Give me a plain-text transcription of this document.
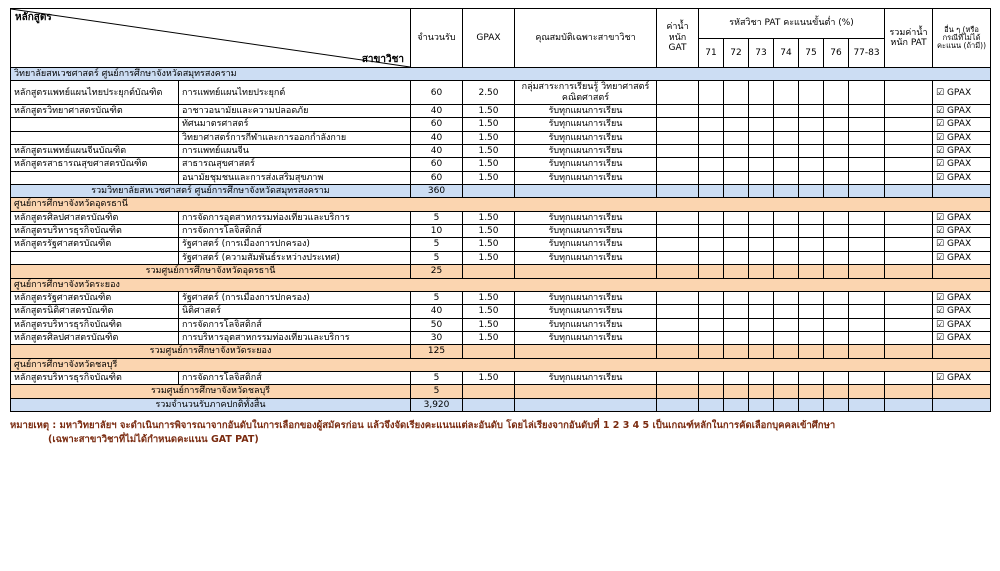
หลักสูตร
สาขาวิชา		จำนวนรับ	GPAX	คุณสมบัติเฉพาะสาขาวิชา	ค่าน้ำหนัก GAT	รหัสวิชา PAT คะแนนขั้นต่ำ (%)							รวมค่าน้ำหนัก PAT	อื่น ๆ (หรือ กรณีที่ไม่ได้คะแนน (ถ้ามี))
						71	72	73	74	75	76	77-83		
วิทยาลัยสหเวชศาสตร์ ศูนย์การศึกษาจังหวัดสมุทรสงคราม														
หลักสูตรแพทย์แผนไทยประยุกต์บัณฑิต	การแพทย์แผนไทยประยุกต์	60	2.50	กลุ่มสาระการเรียนรู้ วิทยาศาสตร์ คณิตศาสตร์										☑ GPAX
หลักสูตรวิทยาศาสตรบัณฑิต	อาชาวอนามัยและความปลอดภัย	40	1.50	รับทุกแผนการเรียน										☑ GPAX
	ทัศนมาตรศาสตร์	60	1.50	รับทุกแผนการเรียน										☑ GPAX
	วิทยาศาสตร์การกีฬาและการออกกำลังกาย	40	1.50	รับทุกแผนการเรียน										☑ GPAX
หลักสูตรแพทย์แผนจีนบัณฑิต	การแพทย์แผนจีน	40	1.50	รับทุกแผนการเรียน										☑ GPAX
หลักสูตรสาธารณสุขศาสตรบัณฑิต	สาธารณสุขศาสตร์	60	1.50	รับทุกแผนการเรียน										☑ GPAX
	อนามัยชุมชนและการส่งเสริมสุขภาพ	60	1.50	รับทุกแผนการเรียน										☑ GPAX
รวมวิทยาลัยสหเวชศาสตร์ ศูนย์การศึกษาจังหวัดสมุทรสงคราม		360												
ศูนย์การศึกษาจังหวัดอุดรธานี														
หลักสูตรศิลปศาสตรบัณฑิต	การจัดการอุตสาหกรรมท่องเที่ยวและบริการ	5	1.50	รับทุกแผนการเรียน										☑ GPAX
หลักสูตรบริหารธุรกิจบัณฑิต	การจัดการโลจิสติกส์	10	1.50	รับทุกแผนการเรียน										☑ GPAX
หลักสูตรรัฐศาสตรบัณฑิต	รัฐศาสตร์ (การเมืองการปกครอง)	5	1.50	รับทุกแผนการเรียน										☑ GPAX
	รัฐศาสตร์ (ความสัมพันธ์ระหว่างประเทศ)	5	1.50	รับทุกแผนการเรียน										☑ GPAX
รวมศูนย์การศึกษาจังหวัดอุดรธานี		25												
ศูนย์การศึกษาจังหวัดระยอง														
หลักสูตรรัฐศาสตรบัณฑิต	รัฐศาสตร์ (การเมืองการปกครอง)	5	1.50	รับทุกแผนการเรียน										☑ GPAX
หลักสูตรนิติศาสตรบัณฑิต	นิติศาสตร์	40	1.50	รับทุกแผนการเรียน										☑ GPAX
หลักสูตรบริหารธุรกิจบัณฑิต	การจัดการโลจิสติกส์	50	1.50	รับทุกแผนการเรียน										☑ GPAX
หลักสูตรศิลปศาสตรบัณฑิต	การบริหารอุตสาหกรรมท่องเที่ยวและบริการ	30	1.50	รับทุกแผนการเรียน										☑ GPAX
รวมศูนย์การศึกษาจังหวัดระยอง		125												
ศูนย์การศึกษาจังหวัดชลบุรี														
หลักสูตรบริหารธุรกิจบัณฑิต	การจัดการโลจิสติกส์	5	1.50	รับทุกแผนการเรียน										☑ GPAX
รวมศูนย์การศึกษาจังหวัดชลบุรี		5												
รวมจำนวนรับภาคปกติทั้งสิ้น		3,920												
หมายเหตุ : มหาวิทยาลัยฯ จะดำเนินการพิจารณาจากอันดับในการเลือกของผู้สมัครก่อน แล้วจึงจัดเรียงคะแนนแต่ละอันดับ โดยไล่เรียงจากอันดับที่ 1 2 3 4 5 เป็นเกณฑ์หลักในการคัดเลือกบุคคลเข้าศึกษา
(เฉพาะสาขาวิชาที่ไม่ได้กำหนดคะแนน GAT PAT)
